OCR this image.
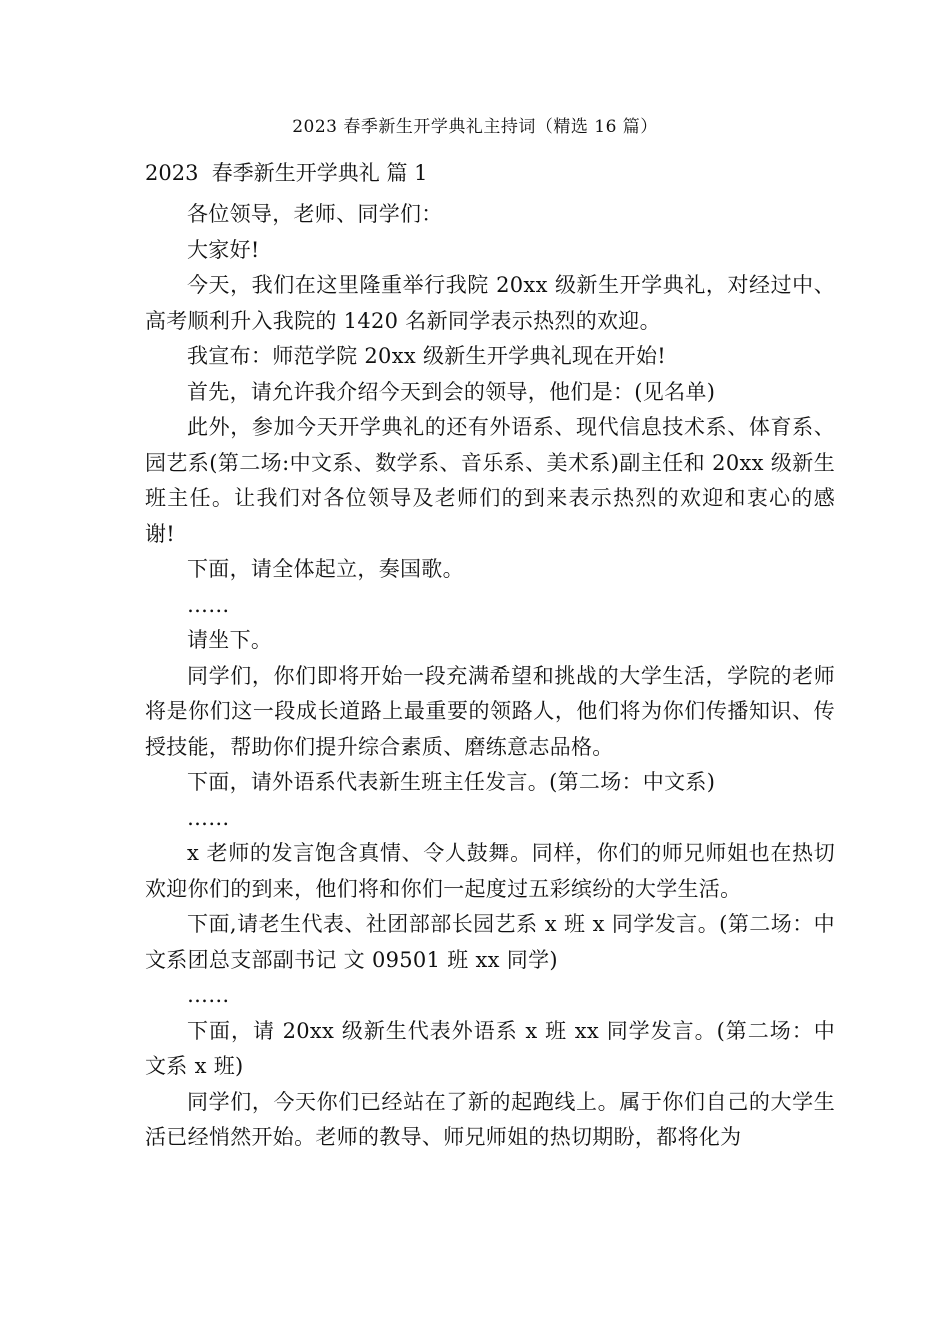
2023 春季新生开学典礼主持词（精选 16 篇）
2023  春季新生开学典礼 篇 1

各位领导，老师、同学们：

大家好!

今天，我们在这里隆重举行我院 20xx 级新生开学典礼，对经过中、高考顺利升入我院的 1420 名新同学表示热烈的欢迎。

我宣布：师范学院 20xx 级新生开学典礼现在开始!

首先，请允许我介绍今天到会的领导，他们是：(见名单)

此外，参加今天开学典礼的还有外语系、现代信息技术系、体育系、园艺系(第二场:中文系、数学系、音乐系、美术系)副主任和 20xx 级新生班主任。让我们对各位领导及老师们的到来表示热烈的欢迎和衷心的感谢!

下面，请全体起立，奏国歌。

……

请坐下。

同学们，你们即将开始一段充满希望和挑战的大学生活，学院的老师将是你们这一段成长道路上最重要的领路人，他们将为你们传播知识、传授技能，帮助你们提升综合素质、磨练意志品格。

下面，请外语系代表新生班主任发言。(第二场：中文系)

……

x 老师的发言饱含真情、令人鼓舞。同样，你们的师兄师姐也在热切欢迎你们的到来，他们将和你们一起度过五彩缤纷的大学生活。

下面,请老生代表、社团部部长园艺系 x 班 x 同学发言。(第二场：中文系团总支部副书记 文 09501 班 xx 同学)

……

下面，请 20xx 级新生代表外语系 x 班 xx 同学发言。(第二场：中文系 x 班)

同学们，今天你们已经站在了新的起跑线上。属于你们自己的大学生活已经悄然开始。老师的教导、师兄师姐的热切期盼，都将化为
